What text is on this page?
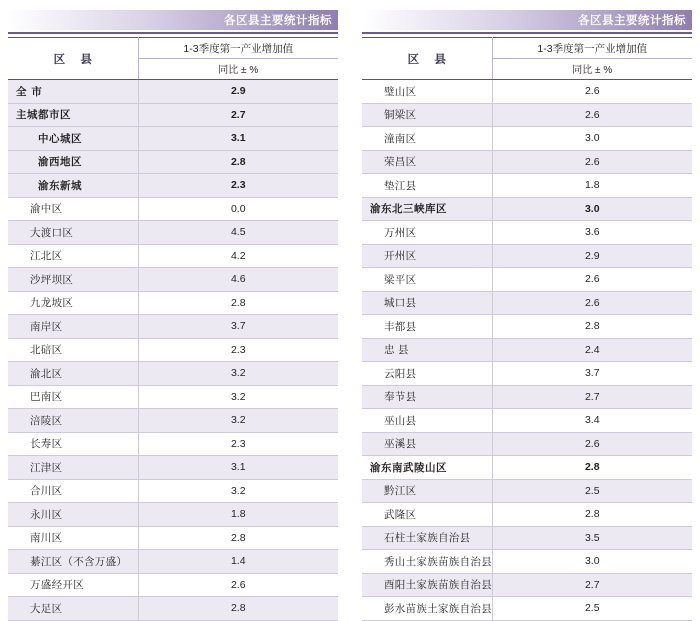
各区县主要统计指标
区 县	1-3季度第一产业增加值
	同比 ± %
全 市	2.9
主城都市区	2.7
中心城区	3.1
渝西地区	2.8
渝东新城	2.3
渝中区	0.0
大渡口区	4.5
江北区	4.2
沙坪坝区	4.6
九龙坡区	2.8
南岸区	3.7
北碚区	2.3
渝北区	3.2
巴南区	3.2
涪陵区	3.2
长寿区	2.3
江津区	3.1
合川区	3.2
永川区	1.8
南川区	2.8
綦江区（不含万盛）	1.4
万盛经开区	2.6
大足区	2.8
各区县主要统计指标
区 县	1-3季度第一产业增加值
	同比 ± %
璧山区	2.6
铜梁区	2.6
潼南区	3.0
荣昌区	2.6
垫江县	1.8
渝东北三峡库区	3.0
万州区	3.6
开州区	2.9
梁平区	2.6
城口县	2.6
丰都县	2.8
忠 县	2.4
云阳县	3.7
奉节县	2.7
巫山县	3.4
巫溪县	2.6
渝东南武陵山区	2.8
黔江区	2.5
武隆区	2.8
石柱土家族自治县	3.5
秀山土家族苗族自治县	3.0
酉阳土家族苗族自治县	2.7
彭水苗族土家族自治县	2.5
